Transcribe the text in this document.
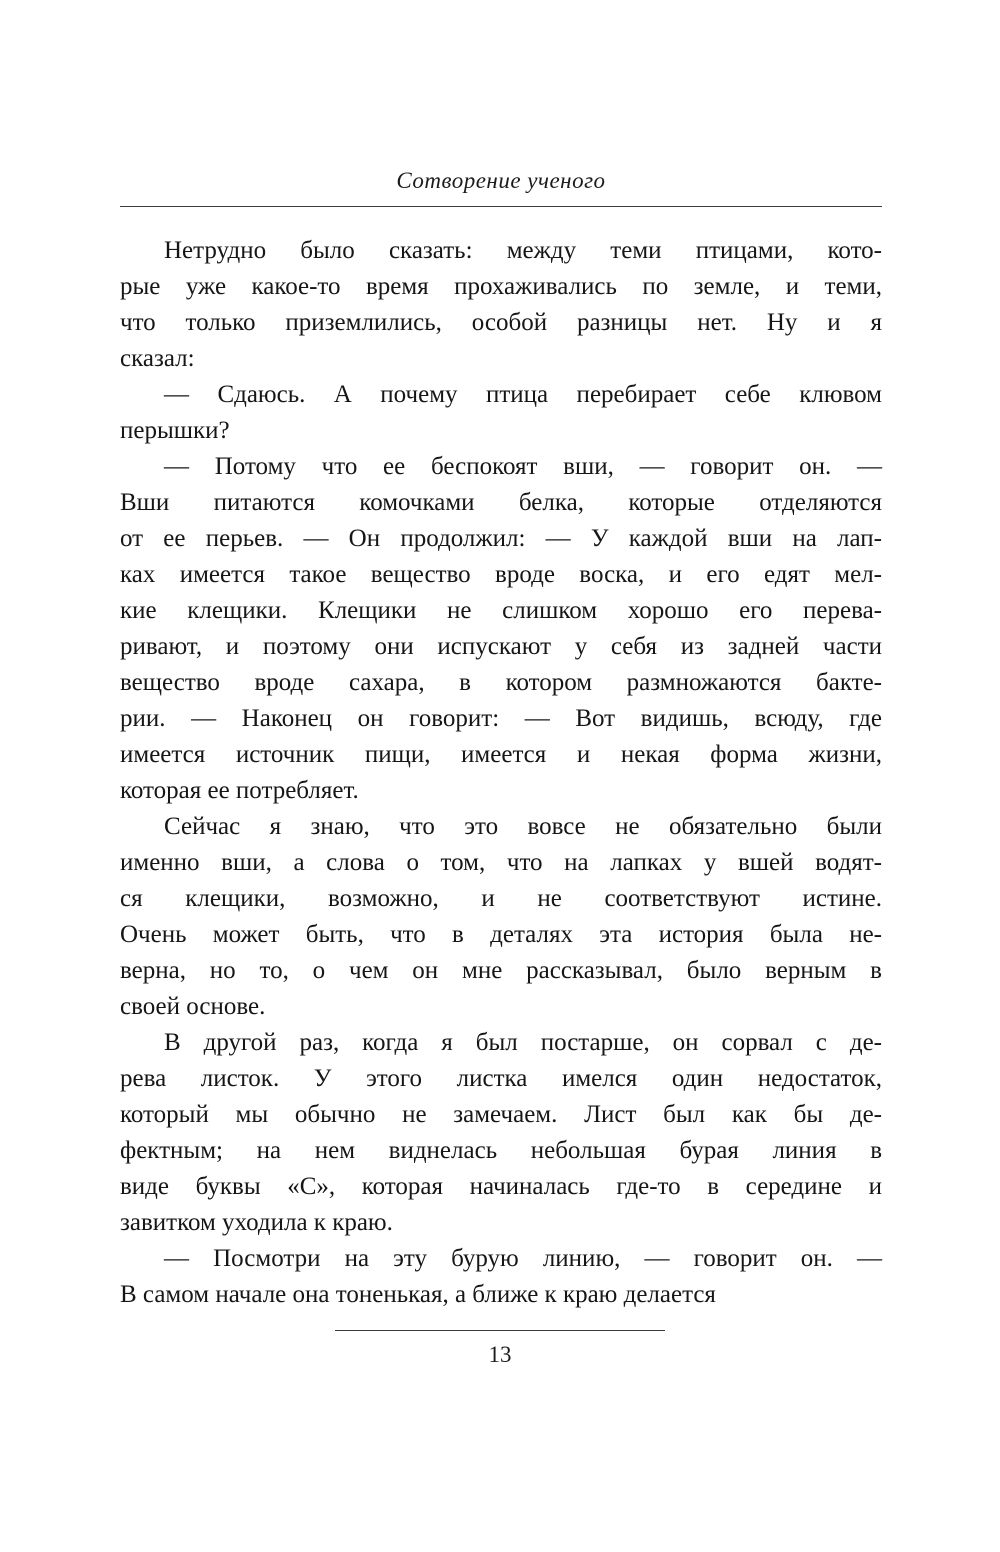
Сотворение ученого
Нетрудно было сказать: между теми птицами, кото-
рые уже какое-то время прохаживались по земле, и теми,
что только приземлились, особой разницы нет. Ну и я
сказал:
— Сдаюсь. А почему птица перебирает себе клювом
перышки?
— Потому что ее беспокоят вши, — говорит он. —
Вши питаются комочками белка, которые отделяются
от ее перьев. — Он продолжил: — У каждой вши на лап-
ках имеется такое вещество вроде воска, и его едят мел-
кие клещики. Клещики не слишком хорошо его перева-
ривают, и поэтому они испускают у себя из задней части
вещество вроде сахара, в котором размножаются бакте-
рии. — Наконец он говорит: — Вот видишь, всюду, где
имеется источник пищи, имеется и некая форма жизни,
которая ее потребляет.
Сейчас я знаю, что это вовсе не обязательно были
именно вши, а слова о том, что на лапках у вшей водят-
ся клещики, возможно, и не соответствуют истине.
Очень может быть, что в деталях эта история была не-
верна, но то, о чем он мне рассказывал, было верным в
своей основе.
В другой раз, когда я был постарше, он сорвал с де-
рева листок. У этого листка имелся один недостаток,
который мы обычно не замечаем. Лист был как бы де-
фектным; на нем виднелась небольшая бурая линия в
виде буквы «С», которая начиналась где-то в середине и
завитком уходила к краю.
— Посмотри на эту бурую линию, — говорит он. —
В самом начале она тоненькая, а ближе к краю делается
13
